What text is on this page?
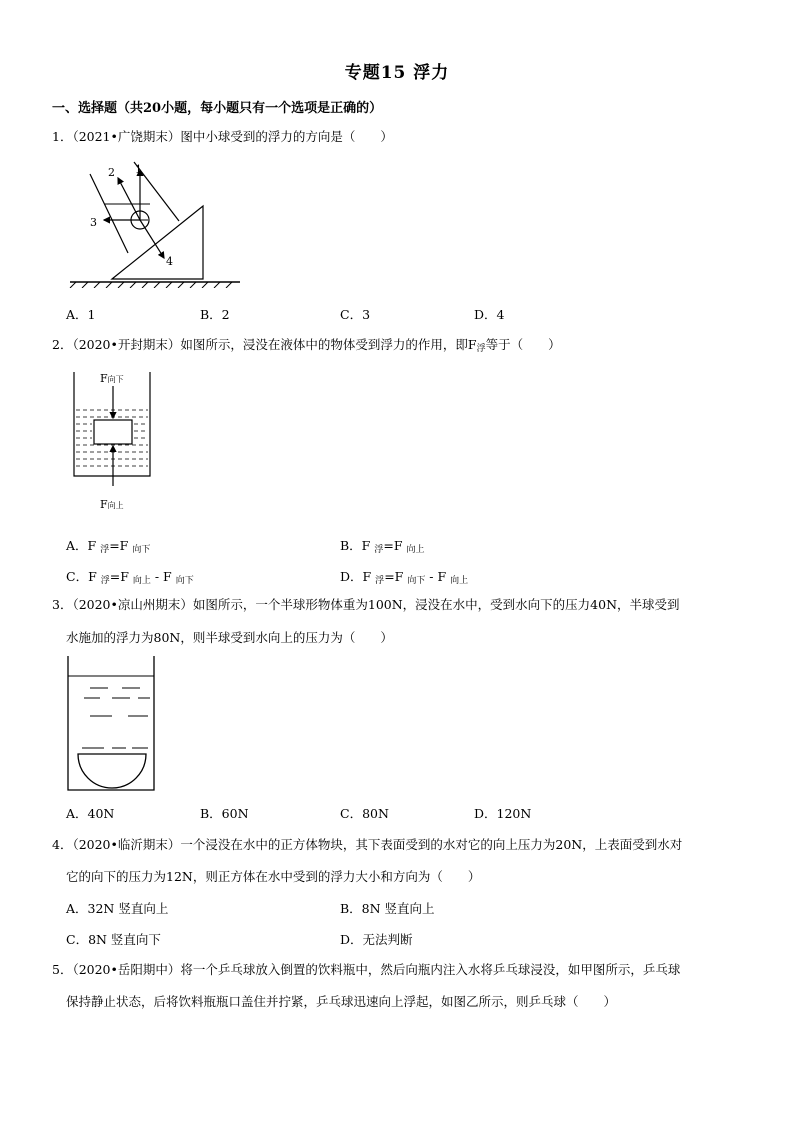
专题15 浮力
一、选择题（共20小题，每小题只有一个选项是正确的）
1．（2021•广饶期末）图中小球受到的浮力的方向是（　　）
1
2
3
4
A．1	B．2	C．3	D．4
2．（2020•开封期末）如图所示，浸没在液体中的物体受到浮力的作用，即$F_浮$等于（　　）
F向下
F向上
A．F $_浮$=F $_{向下}$	B．F $_浮$=F $_{向上}$
C．F $_浮$=F $_{向上}$ - F $_{向下}$	D．F $_浮$=F $_{向下}$ - F $_{向上}$
3．（2020•凉山州期末）如图所示，一个半球形物体重为100N，浸没在水中，受到水向下的压力40N，半球受到
水施加的浮力为80N，则半球受到水向上的压力为（　　）
A．40N	B．60N	C．80N	D．120N
4．（2020•临沂期末）一个浸没在水中的正方体物块，其下表面受到的水对它的向上压力为20N，上表面受到水对
它的向下的压力为12N，则正方体在水中受到的浮力大小和方向为（　　）
A．32N 竖直向上	B．8N 竖直向上
C．8N 竖直向下	D．无法判断
5．（2020•岳阳期中）将一个乒乓球放入倒置的饮料瓶中，然后向瓶内注入水将乒乓球浸没，如甲图所示，乒乓球
保持静止状态，后将饮料瓶瓶口盖住并拧紧，乒乓球迅速向上浮起，如图乙所示，则乒乓球（　　）
